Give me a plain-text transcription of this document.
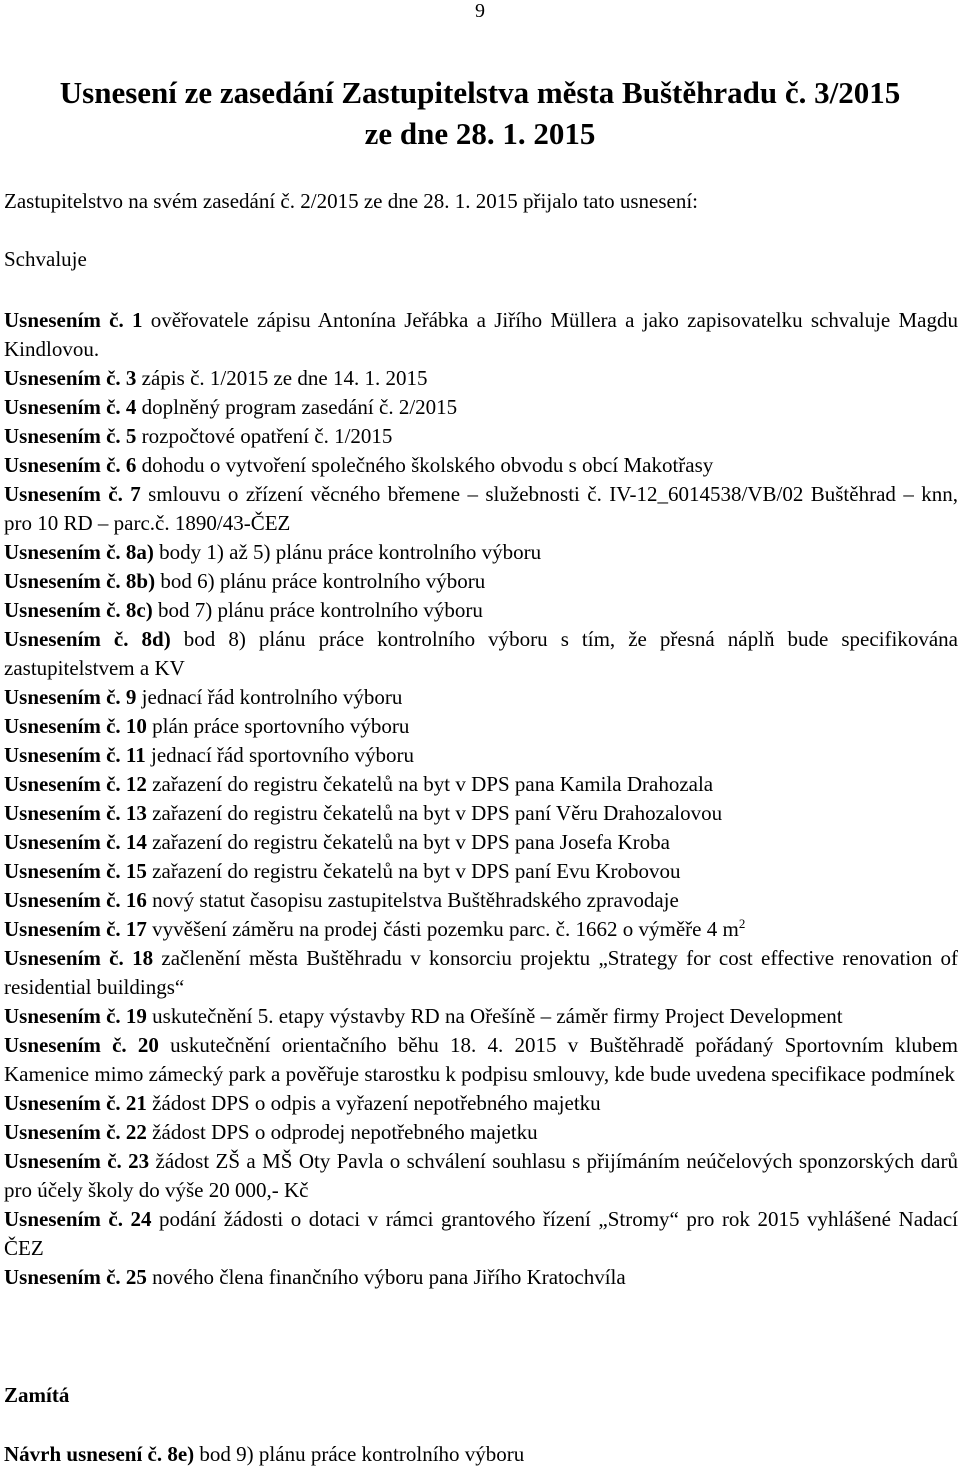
9
Usnesení ze zasedání Zastupitelstva města Buštěhradu č. 3/2015
ze dne 28. 1. 2015
Zastupitelstvo na svém zasedání č. 2/2015 ze dne 28. 1. 2015 přijalo tato usnesení:
Schvaluje
Usnesením č. 1 ověřovatele zápisu Antonína Jeřábka a Jiřího Müllera a jako zapisovatelku schvaluje Magdu Kindlovou.
Usnesením č. 3 zápis č. 1/2015 ze dne 14. 1. 2015
Usnesením č. 4 doplněný program zasedání č. 2/2015
Usnesením č. 5 rozpočtové opatření č. 1/2015
Usnesením č. 6 dohodu o vytvoření společného školského obvodu s obcí Makotřasy
Usnesením č. 7 smlouvu o zřízení věcného břemene – služebnosti č. IV-12_6014538/VB/02 Buštěhrad – knn, pro 10 RD – parc.č. 1890/43-ČEZ
Usnesením č. 8a) body 1) až 5) plánu práce kontrolního výboru
Usnesením č. 8b) bod 6) plánu práce kontrolního výboru
Usnesením č. 8c) bod 7) plánu práce kontrolního výboru
Usnesením č. 8d) bod 8) plánu práce kontrolního výboru s tím, že přesná náplň bude specifikována zastupitelstvem a KV
Usnesením č. 9 jednací řád kontrolního výboru
Usnesením č. 10 plán práce sportovního výboru
Usnesením č. 11 jednací řád sportovního výboru
Usnesením č. 12 zařazení do registru čekatelů na byt v DPS pana Kamila Drahozala
Usnesením č. 13 zařazení do registru čekatelů na byt v DPS paní Věru Drahozalovou
Usnesením č. 14 zařazení do registru čekatelů na byt v DPS pana Josefa Kroba
Usnesením č. 15 zařazení do registru čekatelů na byt v DPS paní Evu Krobovou
Usnesením č. 16 nový statut časopisu zastupitelstva Buštěhradského zpravodaje
Usnesením č. 17 vyvěšení záměru na prodej části pozemku parc. č. 1662 o výměře 4 $m^2$
Usnesením č. 18 začlenění města Buštěhradu v konsorciu projektu „Strategy for cost effective renovation of residential buildings“
Usnesením č. 19 uskutečnění 5. etapy výstavby RD na Ořešíně – záměr firmy Project Development
Usnesením č. 20 uskutečnění orientačního běhu 18. 4. 2015 v Buštěhradě pořádaný Sportovním klubem Kamenice mimo zámecký park a pověřuje starostku k podpisu smlouvy, kde bude uvedena specifikace podmínek
Usnesením č. 21 žádost DPS o odpis a vyřazení nepotřebného majetku
Usnesením č. 22 žádost DPS o odprodej nepotřebného majetku
Usnesením č. 23 žádost ZŠ a MŠ Oty Pavla o schválení souhlasu s přijímáním neúčelových sponzorských darů pro účely školy do výše 20 000,- Kč
Usnesením č. 24 podání žádosti o dotaci v rámci grantového řízení „Stromy“ pro rok 2015 vyhlášené Nadací ČEZ
Usnesením č. 25 nového člena finančního výboru pana Jiřího Kratochvíla
Zamítá
Návrh usnesení č. 8e) bod 9) plánu práce kontrolního výboru
